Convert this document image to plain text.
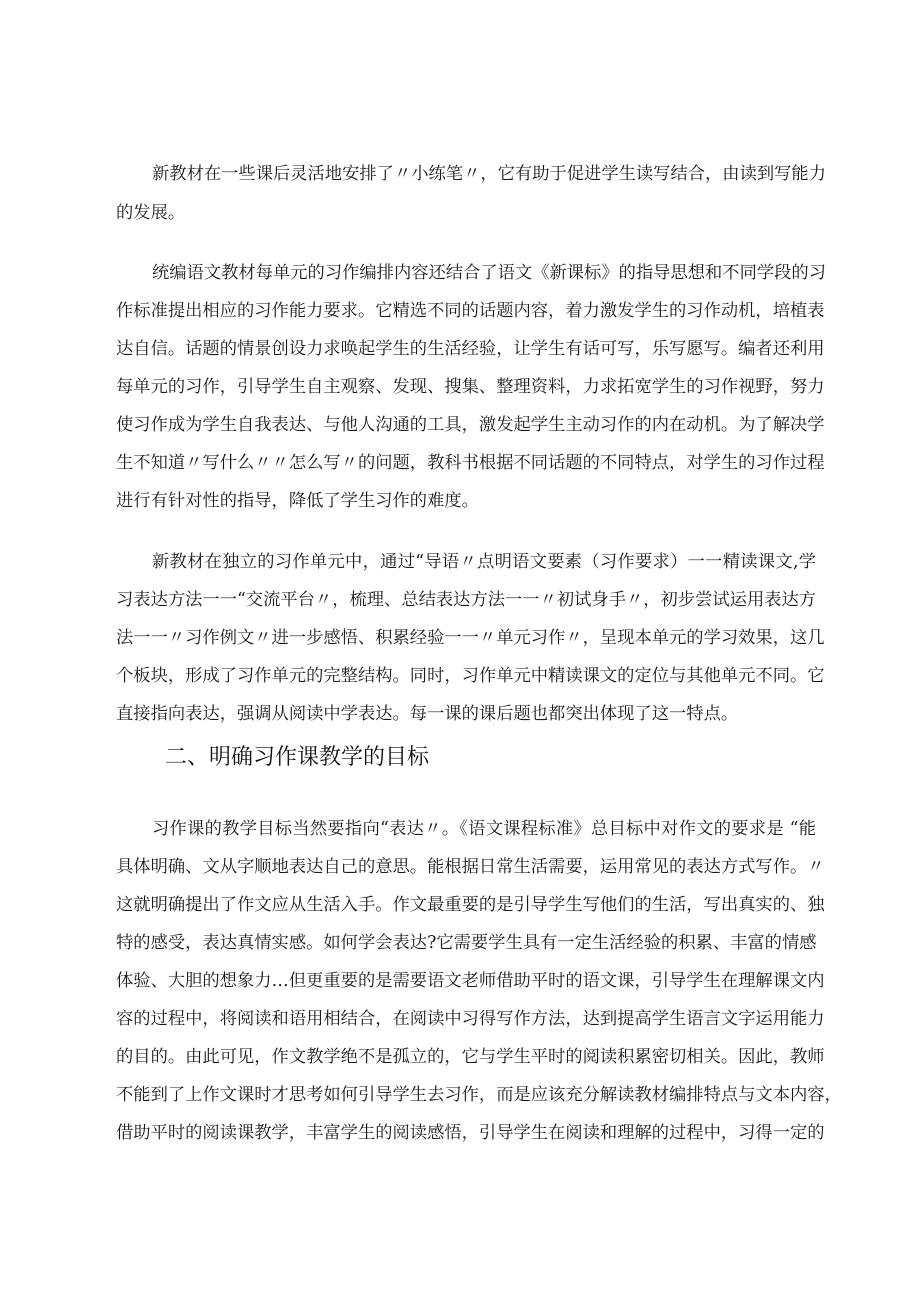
新教材在一些课后灵活地安排了〃小练笔〃，它有助于促进学生读写结合，由读到写能力
的发展。
统编语文教材每单元的习作编排内容还结合了语文《新课标》的指导思想和不同学段的习
作标准提出相应的习作能力要求。它精选不同的话题内容，着力激发学生的习作动机，培植表
达自信。话题的情景创设力求唤起学生的生活经验，让学生有话可写，乐写愿写。编者还利用
每单元的习作，引导学生自主观察、发现、搜集、整理资料，力求拓宽学生的习作视野，努力
使习作成为学生自我表达、与他人沟通的工具，激发起学生主动习作的内在动机。为了解决学
生不知道〃写什么〃〃怎么写〃的问题，教科书根据不同话题的不同特点，对学生的习作过程
进行有针对性的指导，降低了学生习作的难度。
新教材在独立的习作单元中，通过“导语〃点明语文要素（习作要求）一一精读课文,学
习表达方法一一“交流平台〃，梳理、总结表达方法一一〃初试身手〃，初步尝试运用表达方
法一一〃习作例文〃进一步感悟、积累经验一一〃单元习作〃，呈现本单元的学习效果，这几
个板块，形成了习作单元的完整结构。同时，习作单元中精读课文的定位与其他单元不同。它
直接指向表达，强调从阅读中学表达。每一课的课后题也都突出体现了这一特点。
二、明确习作课教学的目标
习作课的教学目标当然要指向“表达〃。《语文课程标准》总目标中对作文的要求是 “能
具体明确、文从字顺地表达自己的意思。能根据日常生活需要，运用常见的表达方式写作。〃
这就明确提出了作文应从生活入手。作文最重要的是引导学生写他们的生活，写出真实的、独
特的感受，表达真情实感。如何学会表达?它需要学生具有一定生活经验的积累、丰富的情感
体验、大胆的想象力…但更重要的是需要语文老师借助平时的语文课，引导学生在理解课文内
容的过程中，将阅读和语用相结合，在阅读中习得写作方法，达到提高学生语言文字运用能力
的目的。由此可见，作文教学绝不是孤立的，它与学生平时的阅读积累密切相关。因此，教师
不能到了上作文课时才思考如何引导学生去习作，而是应该充分解读教材编排特点与文本内容，
借助平时的阅读课教学，丰富学生的阅读感悟，引导学生在阅读和理解的过程中，习得一定的
